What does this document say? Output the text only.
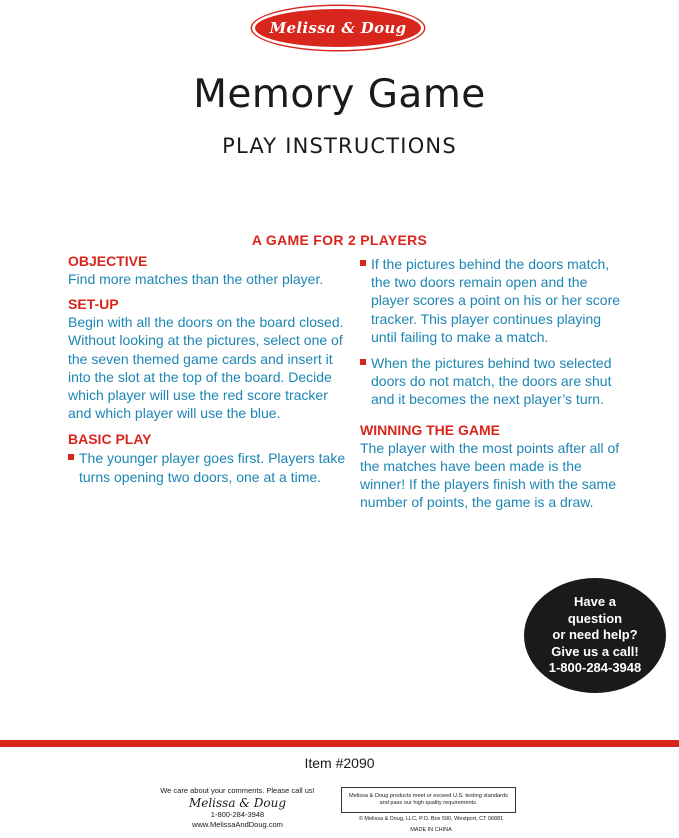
Melissa & Doug
Memory Game
PLAY INSTRUCTIONS
A GAME FOR 2 PLAYERS
OBJECTIVE
Find more matches than the other player.
SET-UP
Begin with all the doors on the board closed. Without looking at the pictures, select one of the seven themed game cards and insert it into the slot at the top of the board. Decide which player will use the red score tracker and which player will use the blue.
BASIC PLAY
The younger player goes first. Players take turns opening two doors, one at a time.
If the pictures behind the doors match, the two doors remain open and the player scores a point on his or her score tracker. This player continues playing until failing to make a match.
When the pictures behind two selected doors do not match, the doors are shut and it becomes the next player’s turn.
WINNING THE GAME
The player with the most points after all of the matches have been made is the winner! If the players finish with the same number of points, the game is a draw.
Have a
question
or need help?
Give us a call!
1-800-284-3948
Item #2090
We care about your comments. Please call us!
Melissa & Doug
1-800-284-3948
www.MelissaAndDoug.com
Melissa & Doug products meet or exceed U.S. testing standards and pass our high quality requirements.
© Melissa & Doug, LLC, P.O. Box 590, Westport, CT 06881
MADE IN CHINA
